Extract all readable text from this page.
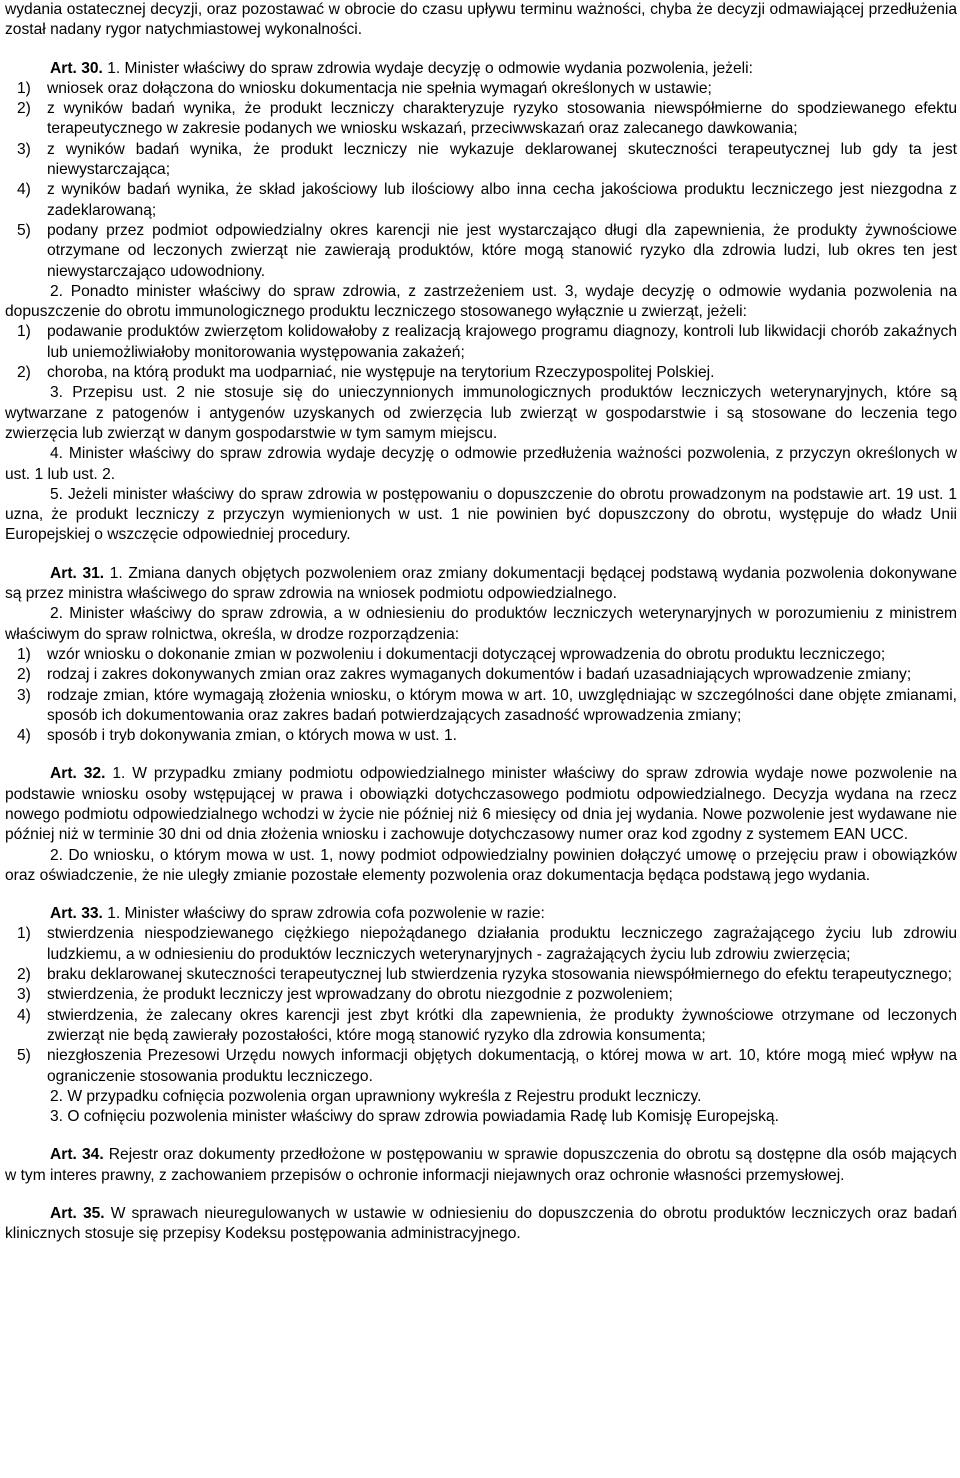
wydania ostatecznej decyzji, oraz pozostawać w obrocie do czasu upływu terminu ważności, chyba że decyzji odmawiającej przedłużenia został nadany rygor natychmiastowej wykonalności.

Art. 30. 1. Minister właściwy do spraw zdrowia wydaje decyzję o odmowie wydania pozwolenia, jeżeli:

1) wniosek oraz dołączona do wniosku dokumentacja nie spełnia wymagań określonych w ustawie;
2) z wyników badań wynika, że produkt leczniczy charakteryzuje ryzyko stosowania niewspółmierne do spodziewanego efektu terapeutycznego w zakresie podanych we wniosku wskazań, przeciwwskazań oraz zalecanego dawkowania;
3) z wyników badań wynika, że produkt leczniczy nie wykazuje deklarowanej skuteczności terapeutycznej lub gdy ta jest niewystarczająca;
4) z wyników badań wynika, że skład jakościowy lub ilościowy albo inna cecha jakościowa produktu leczniczego jest niezgodna z zadeklarowaną;
5) podany przez podmiot odpowiedzialny okres karencji nie jest wystarczająco długi dla zapewnienia, że produkty żywnościowe otrzymane od leczonych zwierząt nie zawierają produktów, które mogą stanowić ryzyko dla zdrowia ludzi, lub okres ten jest niewystarczająco udowodniony.

2. Ponadto minister właściwy do spraw zdrowia, z zastrzeżeniem ust. 3, wydaje decyzję o odmowie wydania pozwolenia na dopuszczenie do obrotu immunologicznego produktu leczniczego stosowanego wyłącznie u zwierząt, jeżeli:

1) podawanie produktów zwierzętom kolidowałoby z realizacją krajowego programu diagnozy, kontroli lub likwidacji chorób zakaźnych lub uniemożliwiałoby monitorowania występowania zakażeń;
2) choroba, na którą produkt ma uodparniać, nie występuje na terytorium Rzeczypospolitej Polskiej.

3. Przepisu ust. 2 nie stosuje się do unieczynnionych immunologicznych produktów leczniczych weterynaryjnych, które są wytwarzane z patogenów i antygenów uzyskanych od zwierzęcia lub zwierząt w gospodarstwie i są stosowane do leczenia tego zwierzęcia lub zwierząt w danym gospodarstwie w tym samym miejscu.

4. Minister właściwy do spraw zdrowia wydaje decyzję o odmowie przedłużenia ważności pozwolenia, z przyczyn określonych w ust. 1 lub ust. 2.

5. Jeżeli minister właściwy do spraw zdrowia w postępowaniu o dopuszczenie do obrotu prowadzonym na podstawie art. 19 ust. 1 uzna, że produkt leczniczy z przyczyn wymienionych w ust. 1 nie powinien być dopuszczony do obrotu, występuje do władz Unii Europejskiej o wszczęcie odpowiedniej procedury.

Art. 31. 1. Zmiana danych objętych pozwoleniem oraz zmiany dokumentacji będącej podstawą wydania pozwolenia dokonywane są przez ministra właściwego do spraw zdrowia na wniosek podmiotu odpowiedzialnego.

2. Minister właściwy do spraw zdrowia, a w odniesieniu do produktów leczniczych weterynaryjnych w porozumieniu z ministrem właściwym do spraw rolnictwa, określa, w drodze rozporządzenia:

1) wzór wniosku o dokonanie zmian w pozwoleniu i dokumentacji dotyczącej wprowadzenia do obrotu produktu leczniczego;
2) rodzaj i zakres dokonywanych zmian oraz zakres wymaganych dokumentów i badań uzasadniających wprowadzenie zmiany;
3) rodzaje zmian, które wymagają złożenia wniosku, o którym mowa w art. 10, uwzględniając w szczególności dane objęte zmianami, sposób ich dokumentowania oraz zakres badań potwierdzających zasadność wprowadzenia zmiany;
4) sposób i tryb dokonywania zmian, o których mowa w ust. 1.

Art. 32. 1. W przypadku zmiany podmiotu odpowiedzialnego minister właściwy do spraw zdrowia wydaje nowe pozwolenie na podstawie wniosku osoby wstępującej w prawa i obowiązki dotychczasowego podmiotu odpowiedzialnego. Decyzja wydana na rzecz nowego podmiotu odpowiedzialnego wchodzi w życie nie później niż 6 miesięcy od dnia jej wydania. Nowe pozwolenie jest wydawane nie później niż w terminie 30 dni od dnia złożenia wniosku i zachowuje dotychczasowy numer oraz kod zgodny z systemem EAN UCC.

2. Do wniosku, o którym mowa w ust. 1, nowy podmiot odpowiedzialny powinien dołączyć umowę o przejęciu praw i obowiązków oraz oświadczenie, że nie uległy zmianie pozostałe elementy pozwolenia oraz dokumentacja będąca podstawą jego wydania.

Art. 33. 1. Minister właściwy do spraw zdrowia cofa pozwolenie w razie:

1) stwierdzenia niespodziewanego ciężkiego niepożądanego działania produktu leczniczego zagrażającego życiu lub zdrowiu ludzkiemu, a w odniesieniu do produktów leczniczych weterynaryjnych - zagrażających życiu lub zdrowiu zwierzęcia;
2) braku deklarowanej skuteczności terapeutycznej lub stwierdzenia ryzyka stosowania niewspółmiernego do efektu terapeutycznego;
3) stwierdzenia, że produkt leczniczy jest wprowadzany do obrotu niezgodnie z pozwoleniem;
4) stwierdzenia, że zalecany okres karencji jest zbyt krótki dla zapewnienia, że produkty żywnościowe otrzymane od leczonych zwierząt nie będą zawierały pozostałości, które mogą stanowić ryzyko dla zdrowia konsumenta;
5) niezgłoszenia Prezesowi Urzędu nowych informacji objętych dokumentacją, o której mowa w art. 10, które mogą mieć wpływ na ograniczenie stosowania produktu leczniczego.

2. W przypadku cofnięcia pozwolenia organ uprawniony wykreśla z Rejestru produkt leczniczy.

3. O cofnięciu pozwolenia minister właściwy do spraw zdrowia powiadamia Radę lub Komisję Europejską.

Art. 34. Rejestr oraz dokumenty przedłożone w postępowaniu w sprawie dopuszczenia do obrotu są dostępne dla osób mających w tym interes prawny, z zachowaniem przepisów o ochronie informacji niejawnych oraz ochronie własności przemysłowej.

Art. 35. W sprawach nieuregulowanych w ustawie w odniesieniu do dopuszczenia do obrotu produktów leczniczych oraz badań klinicznych stosuje się przepisy Kodeksu postępowania administracyjnego.
